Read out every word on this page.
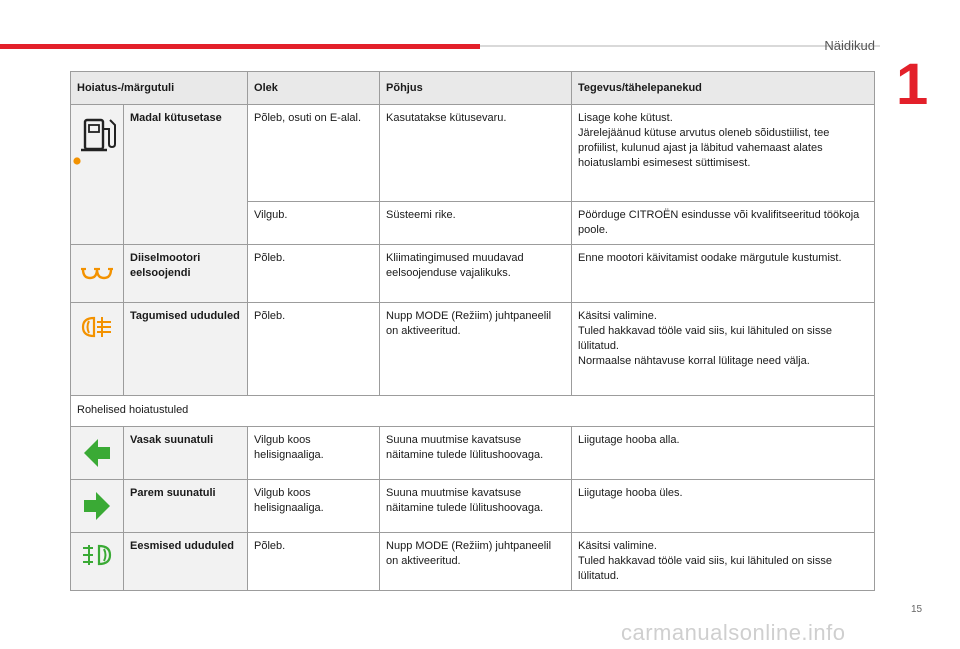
Näidikud
1
Hoiatus-/märgutuli		Olek	Põhjus	Tegevus/tähelepanekud

	Madal kütusetase	Põleb, osuti on E-alal.	Kasutatakse kütusevaru.	Lisage kohe kütust.
Järelejäänud kütuse arvutus oleneb sõidustiilist, tee profiilist, kulunud ajast ja läbitud vahemaast alates hoiatuslambi esimesest süttimisest.
		Vilgub.	Süsteemi rike.	Pöörduge CITROËN esindusse või kvalifitseeritud töökoja poole.

	Diiselmootori eelsoojendi	Põleb.	Kliimatingimused muudavad eelsoojenduse vajalikuks.	Enne mootori käivitamist oodake märgutule kustumist.

	Tagumised ududuled	Põleb.	Nupp MODE (Režiim) juhtpaneelil on aktiveeritud.	Käsitsi valimine.
Tuled hakkavad tööle vaid siis, kui lähituled on sisse lülitatud.
Normaalse nähtavuse korral lülitage need välja.
Rohelised hoiatustuled				

	Vasak suunatuli	Vilgub koos helisignaaliga.	Suuna muutmise kavatsuse näitamine tulede lülitushoovaga.	Liigutage hooba alla.

	Parem suunatuli	Vilgub koos helisignaaliga.	Suuna muutmise kavatsuse näitamine tulede lülitushoovaga.	Liigutage hooba üles.

	Eesmised ududuled	Põleb.	Nupp MODE (Režiim) juhtpaneelil on aktiveeritud.	Käsitsi valimine.
Tuled hakkavad tööle vaid siis, kui lähituled on sisse lülitatud.
15
carmanualsonline.info
